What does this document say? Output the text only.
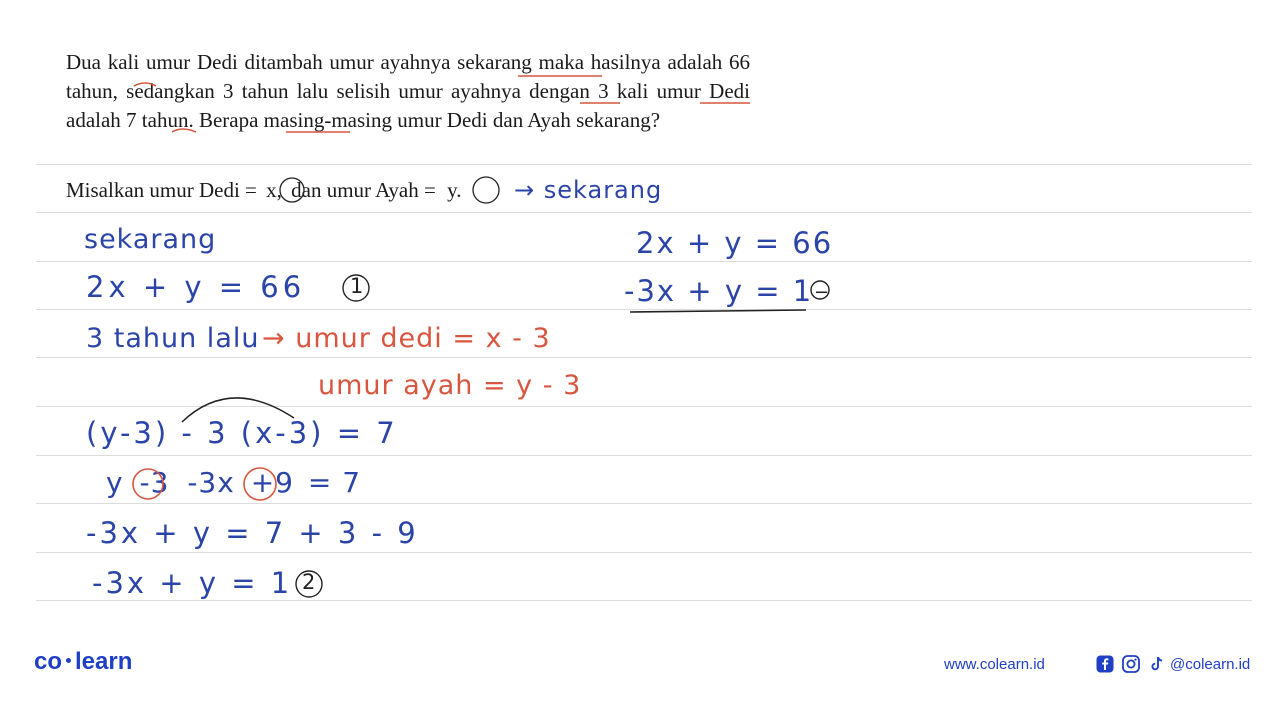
Dua kali umur Dedi ditambah umur ayahnya sekarang maka hasilnya adalah 66 tahun, sedangkan 3 tahun lalu selisih umur ayahnya dengan 3 kali umur Dedi adalah 7 tahun. Berapa masing-masing umur Dedi dan Ayah sekarang?

Misalkan umur Dedi = x, dan umur Ayah = y. → sekarang
sekarang
2x + y = 66 1
3 tahun lalu → umur dedi = x - 3
umur ayah = y - 3
(y-3) - 3 (x-3) = 7
y -3 -3x +9 = 7
-3x + y = 7 + 3 - 9
-3x + y = 1 2
2x + y = 66
-3x + y = 1 −
co learn	www.colearn.id	@colearn.id
